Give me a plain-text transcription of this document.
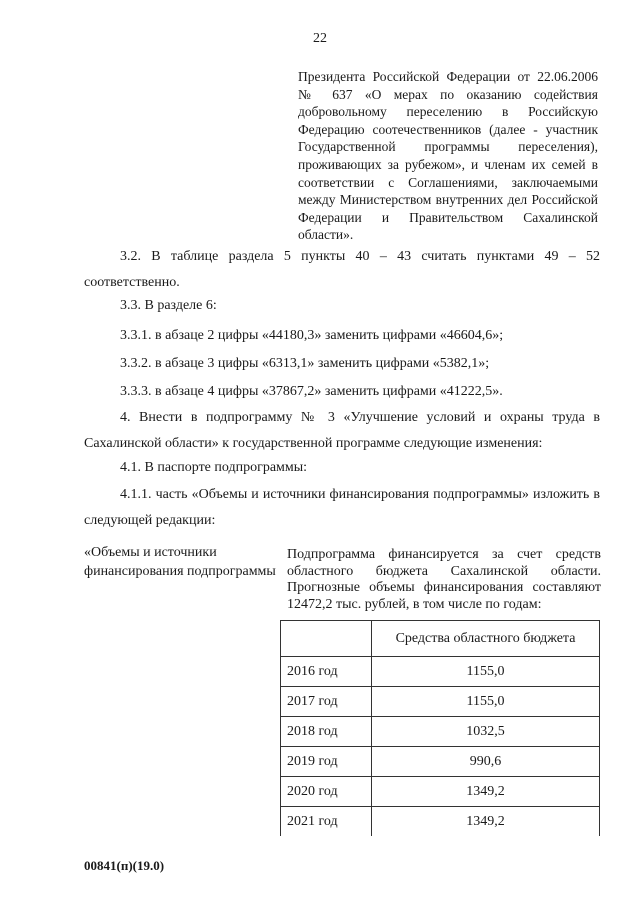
22
Президента Российской Федерации от 22.06.2006 № 637 «О мерах по оказанию содействия добровольному переселению в Российскую Федерацию соотечественников (далее - участник Государственной программы переселения), проживающих за рубежом», и членам их семей в соответствии с Соглашениями, заключаемыми между Министерством внутренних дел Российской Федерации и Правительством Сахалинской области».
3.2. В таблице раздела 5 пункты 40 – 43 считать пунктами 49 – 52 соответственно.
3.3. В разделе 6:
3.3.1. в абзаце 2 цифры «44180,3» заменить цифрами «46604,6»;
3.3.2. в абзаце 3 цифры «6313,1» заменить цифрами «5382,1»;
3.3.3. в абзаце 4 цифры «37867,2» заменить цифрами «41222,5».
4. Внести в подпрограмму № 3 «Улучшение условий и охраны труда в Сахалинской области» к государственной программе следующие изменения:
4.1. В паспорте подпрограммы:
4.1.1. часть «Объемы и источники финансирования подпрограммы» изложить в следующей редакции:
«Объемы и источники финансирования подпрограммы
Подпрограмма финансируется за счет средств областного бюджета Сахалинской области. Прогнозные объемы финансирования составляют 12472,2 тыс. рублей, в том числе по годам:
	Средства областного бюджета
2016 год	1155,0
2017 год	1155,0
2018 год	1032,5
2019 год	990,6
2020 год	1349,2
2021 год	1349,2
00841(п)(19.0)
